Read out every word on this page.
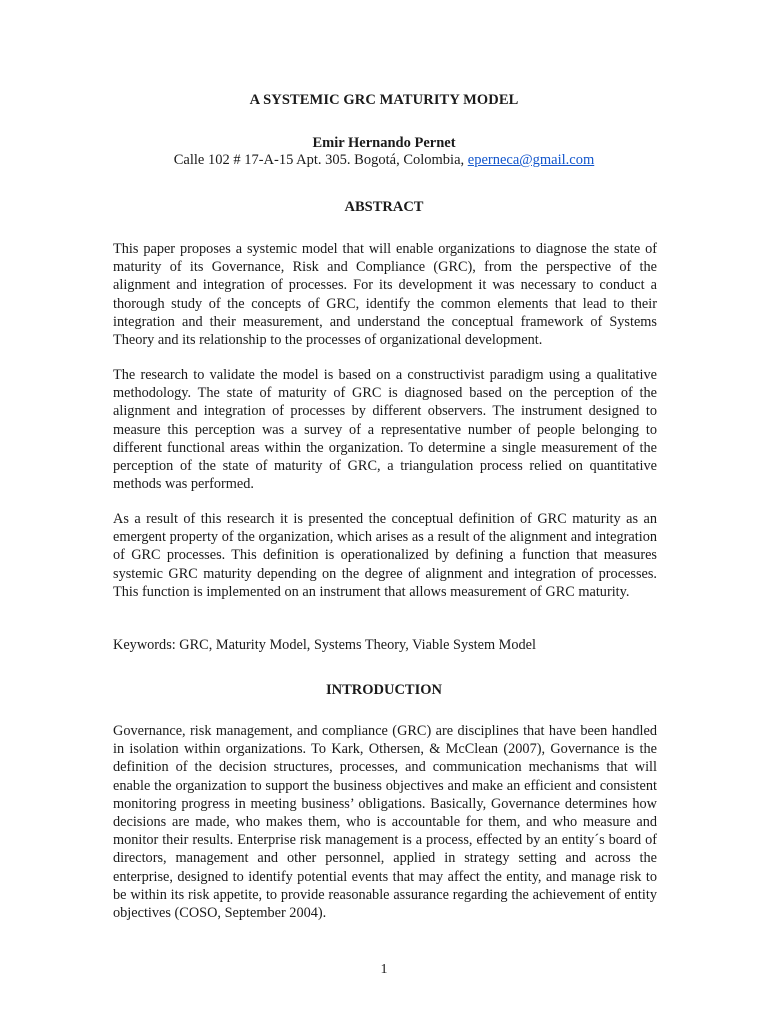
A SYSTEMIC GRC MATURITY MODEL
Emir Hernando Pernet
Calle 102 # 17-A-15 Apt. 305. Bogotá, Colombia, eperneca@gmail.com
ABSTRACT

This paper proposes a systemic model that will enable organizations to diagnose the state of maturity of its Governance, Risk and Compliance (GRC), from the perspective of the alignment and integration of processes. For its development it was necessary to conduct a thorough study of the concepts of GRC, identify the common elements that lead to their integration and their measurement, and understand the conceptual framework of Systems Theory and its relationship to the processes of organizational development.

The research to validate the model is based on a constructivist paradigm using a qualitative methodology. The state of maturity of GRC is diagnosed based on the perception of the alignment and integration of processes by different observers. The instrument designed to measure this perception was a survey of a representative number of people belonging to different functional areas within the organization. To determine a single measurement of the perception of the state of maturity of GRC, a triangulation process relied on quantitative methods was performed.

As a result of this research it is presented the conceptual definition of GRC maturity as an emergent property of the organization, which arises as a result of the alignment and integration of GRC processes. This definition is operationalized by defining a function that measures systemic GRC maturity depending on the degree of alignment and integration of processes. This function is implemented on an instrument that allows measurement of GRC maturity.

Keywords: GRC, Maturity Model, Systems Theory, Viable System Model

INTRODUCTION

Governance, risk management, and compliance (GRC) are disciplines that have been handled in isolation within organizations. To Kark, Othersen, & McClean (2007), Governance is the definition of the decision structures, processes, and communication mechanisms that will enable the organization to support the business objectives and make an efficient and consistent monitoring progress in meeting business’ obligations. Basically, Governance determines how decisions are made, who makes them, who is accountable for them, and who measure and monitor their results. Enterprise risk management is a process, effected by an entity´s board of directors, management and other personnel, applied in strategy setting and across the enterprise, designed to identify potential events that may affect the entity, and manage risk to be within its risk appetite, to provide reasonable assurance regarding the achievement of entity objectives (COSO, September 2004).

1
